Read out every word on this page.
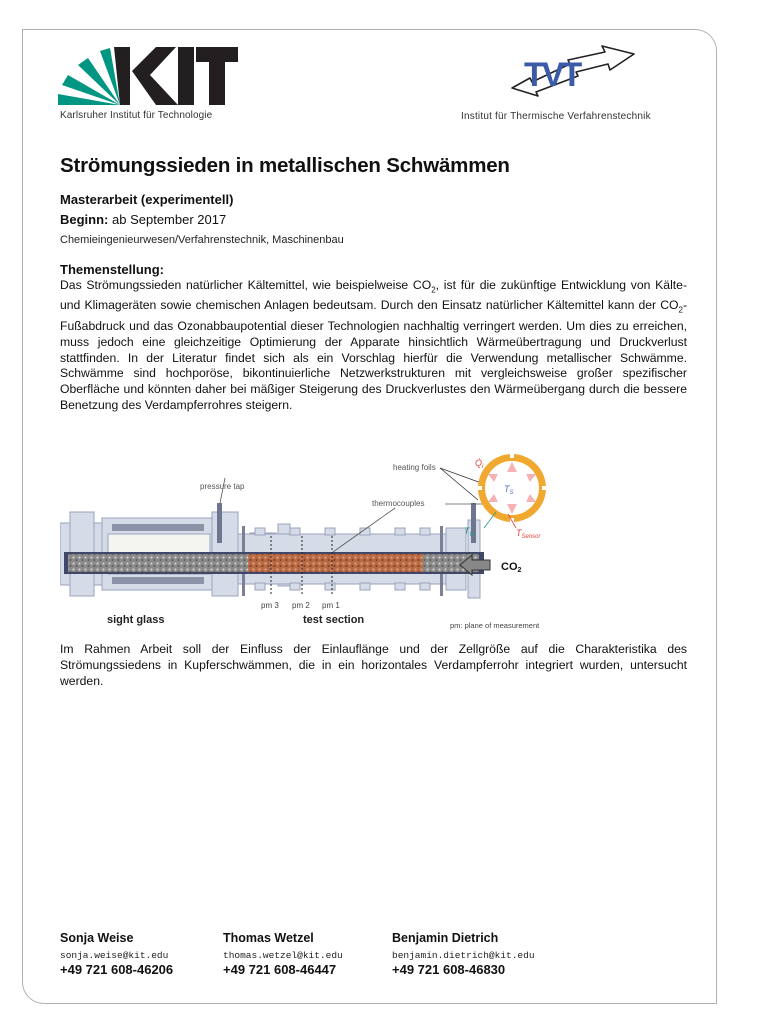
Karlsruher Institut für Technologie
TVT
Institut für Thermische Verfahrenstechnik
Strömungssieden in metallischen Schwämmen
Masterarbeit (experimentell)
Beginn: ab September 2017
Chemieingenieurwesen/Verfahrenstechnik, Maschinenbau
Themenstellung:
Das Strömungssieden natürlicher Kältemittel, wie beispielweise $CO_2$, ist für die zukünftige Entwicklung von Kälte- und Klimageräten sowie chemischen Anlagen bedeutsam. Durch den Einsatz natürlicher Kältemittel kann der $CO_2$-Fußabdruck und das Ozonabbaupotential dieser Technologien nachhaltig verringert werden. Um dies zu erreichen, muss jedoch eine gleichzeitige Optimierung der Apparate hinsichtlich Wärmeübertragung und Druckverlust stattfinden. In der Literatur findet sich als ein Vorschlag hierfür die Verwendung metallischer Schwämme. Schwämme sind hochporöse, bikontinuierliche Netzwerkstrukturen mit vergleichsweise großer spezifischer Oberfläche und könnten daher bei mäßiger Steigerung des Druckverlustes den Wärmeübergang durch die bessere Benetzung des Verdampferrohres steigern.
pressure tap
pm 3 pm 2 pm 1
thermocouples
heating foils	$Q̇_i$
$T_S$
$T_W$	$T_{Sensor}$
CO2
sight glass	test section	pm: plane of measurement
Im Rahmen Arbeit soll der Einfluss der Einlauflänge und der Zellgröße auf die Charakteristika des Strömungssiedens in Kupferschwämmen, die in ein horizontales Verdampferrohr integriert wurden, untersucht werden.
Sonja Weise
sonja.weise@kit.edu
+49 721 608-46206
Thomas Wetzel
thomas.wetzel@kit.edu
+49 721 608-46447
Benjamin Dietrich
benjamin.dietrich@kit.edu
+49 721 608-46830
